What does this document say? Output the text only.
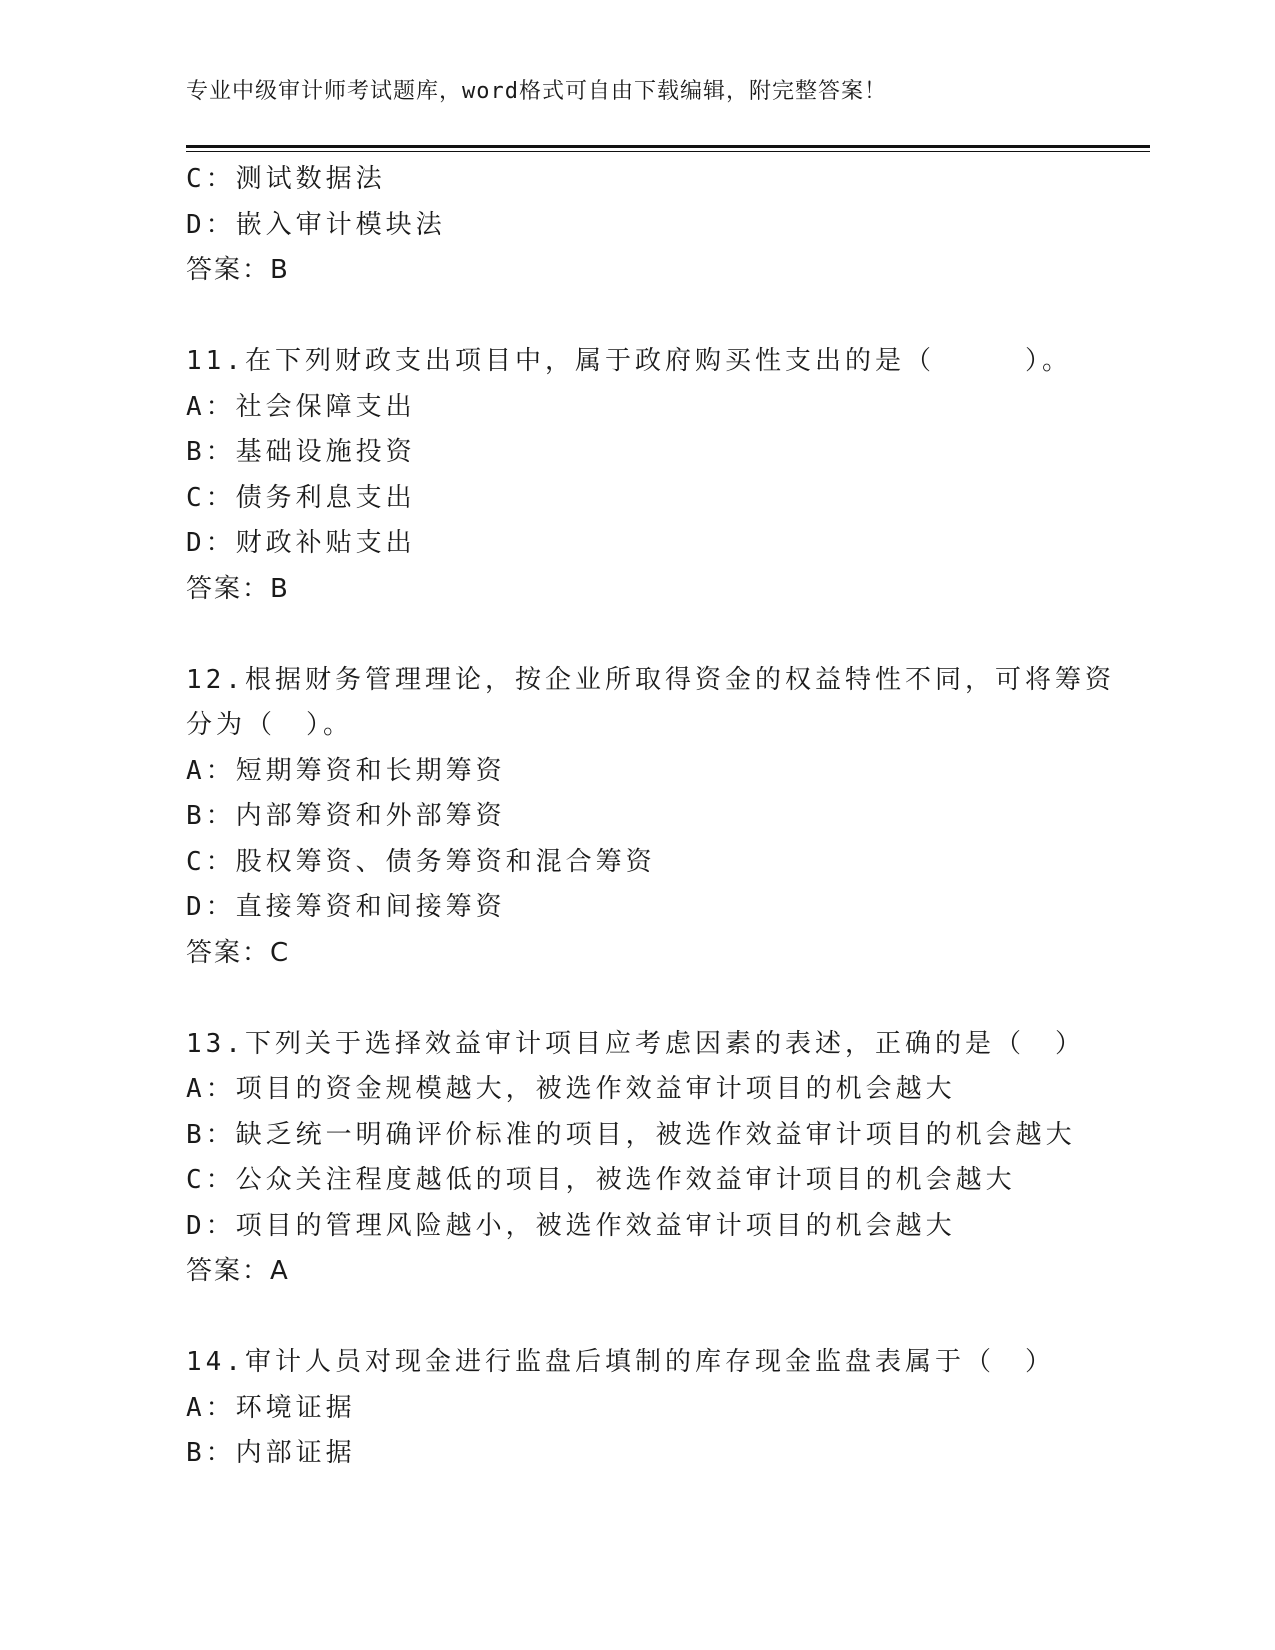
专业中级审计师考试题库，word格式可自由下载编辑，附完整答案！
C：测试数据法
D：嵌入审计模块法
答案：B
11.在下列财政支出项目中，属于政府购买性支出的是（　　　）。
A：社会保障支出
B：基础设施投资
C：债务利息支出
D：财政补贴支出
答案：B
12.根据财务管理理论，按企业所取得资金的权益特性不同，可将筹资
分为（　）。
A：短期筹资和长期筹资
B：内部筹资和外部筹资
C：股权筹资、债务筹资和混合筹资
D：直接筹资和间接筹资
答案：C
13.下列关于选择效益审计项目应考虑因素的表述，正确的是（　）
A：项目的资金规模越大，被选作效益审计项目的机会越大
B：缺乏统一明确评价标准的项目，被选作效益审计项目的机会越大
C：公众关注程度越低的项目，被选作效益审计项目的机会越大
D：项目的管理风险越小，被选作效益审计项目的机会越大
答案：A
14.审计人员对现金进行监盘后填制的库存现金监盘表属于（　）
A：环境证据
B：内部证据
